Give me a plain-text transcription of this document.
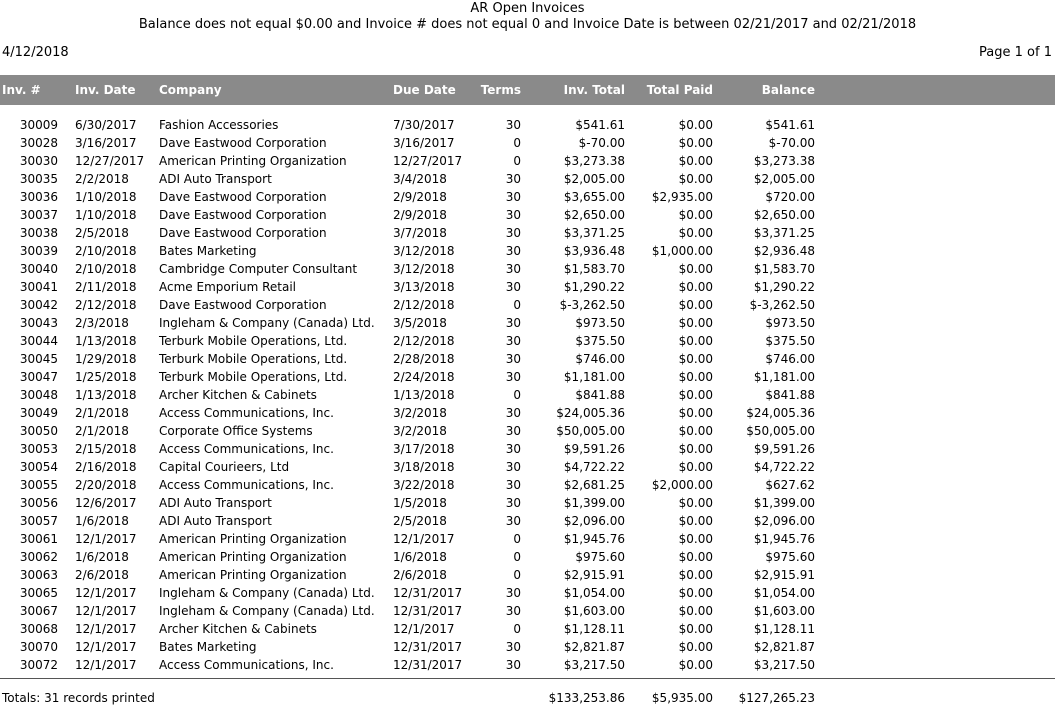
AR Open Invoices
Balance does not equal $0.00 and Invoice # does not equal 0 and Invoice Date is between 02/21/2017 and 02/21/2018
4/12/2018	Page 1 of 1
Inv. #	Inv. Date Company	Due Date	Terms	Inv. Total	Total Paid	Balance
30009 6/30/2017 Fashion Accessories	7/30/2017	30	$541.61	$0.00	$541.61
30028 3/16/2017 Dave Eastwood Corporation	3/16/2017	0	$-70.00	$0.00	$-70.00
30030 12/27/2017 American Printing Organization	12/27/2017	0	$3,273.38	$0.00	$3,273.38
30035 2/2/2018	ADI Auto Transport	3/4/2018	30	$2,005.00	$0.00	$2,005.00
30036 1/10/2018 Dave Eastwood Corporation	2/9/2018	30	$3,655.00	$2,935.00	$720.00
30037 1/10/2018 Dave Eastwood Corporation	2/9/2018	30	$2,650.00	$0.00	$2,650.00
30038 2/5/2018	Dave Eastwood Corporation	3/7/2018	30	$3,371.25	$0.00	$3,371.25
30039 2/10/2018 Bates Marketing	3/12/2018	30	$3,936.48	$1,000.00	$2,936.48
30040 2/10/2018 Cambridge Computer Consultant	3/12/2018	30	$1,583.70	$0.00	$1,583.70
30041 2/11/2018 Acme Emporium Retail	3/13/2018	30	$1,290.22	$0.00	$1,290.22
30042 2/12/2018 Dave Eastwood Corporation	2/12/2018	0	$-3,262.50	$0.00	$-3,262.50
30043 2/3/2018	Ingleham & Company (Canada) Ltd. 3/5/2018	30	$973.50	$0.00	$973.50
30044 1/13/2018 Terburk Mobile Operations, Ltd.	2/12/2018	30	$375.50	$0.00	$375.50
30045 1/29/2018 Terburk Mobile Operations, Ltd.	2/28/2018	30	$746.00	$0.00	$746.00
30047 1/25/2018 Terburk Mobile Operations, Ltd.	2/24/2018	30	$1,181.00	$0.00	$1,181.00
30048 1/13/2018 Archer Kitchen & Cabinets	1/13/2018	0	$841.88	$0.00	$841.88
30049 2/1/2018	Access Communications, Inc.	3/2/2018	30	$24,005.36	$0.00	$24,005.36
30050 2/1/2018	Corporate Office Systems	3/2/2018	30	$50,005.00	$0.00	$50,005.00
30053 2/15/2018 Access Communications, Inc.	3/17/2018	30	$9,591.26	$0.00	$9,591.26
30054 2/16/2018 Capital Courieers, Ltd	3/18/2018	30	$4,722.22	$0.00	$4,722.22
30055 2/20/2018 Access Communications, Inc.	3/22/2018	30	$2,681.25	$2,000.00	$627.62
30056 12/6/2017 ADI Auto Transport	1/5/2018	30	$1,399.00	$0.00	$1,399.00
30057 1/6/2018	ADI Auto Transport	2/5/2018	30	$2,096.00	$0.00	$2,096.00
30061 12/1/2017 American Printing Organization	12/1/2017	0	$1,945.76	$0.00	$1,945.76
30062 1/6/2018	American Printing Organization	1/6/2018	0	$975.60	$0.00	$975.60
30063 2/6/2018	American Printing Organization	2/6/2018	0	$2,915.91	$0.00	$2,915.91
30065 12/1/2017 Ingleham & Company (Canada) Ltd. 12/31/2017	30	$1,054.00	$0.00	$1,054.00
30067 12/1/2017 Ingleham & Company (Canada) Ltd. 12/31/2017	30	$1,603.00	$0.00	$1,603.00
30068 12/1/2017 Archer Kitchen & Cabinets	12/1/2017	0	$1,128.11	$0.00	$1,128.11
30070 12/1/2017 Bates Marketing	12/31/2017	30	$2,821.87	$0.00	$2,821.87
30072 12/1/2017 Access Communications, Inc.	12/31/2017	30	$3,217.50	$0.00	$3,217.50
Totals: 31 records printed	$133,253.86	$5,935.00	$127,265.23
